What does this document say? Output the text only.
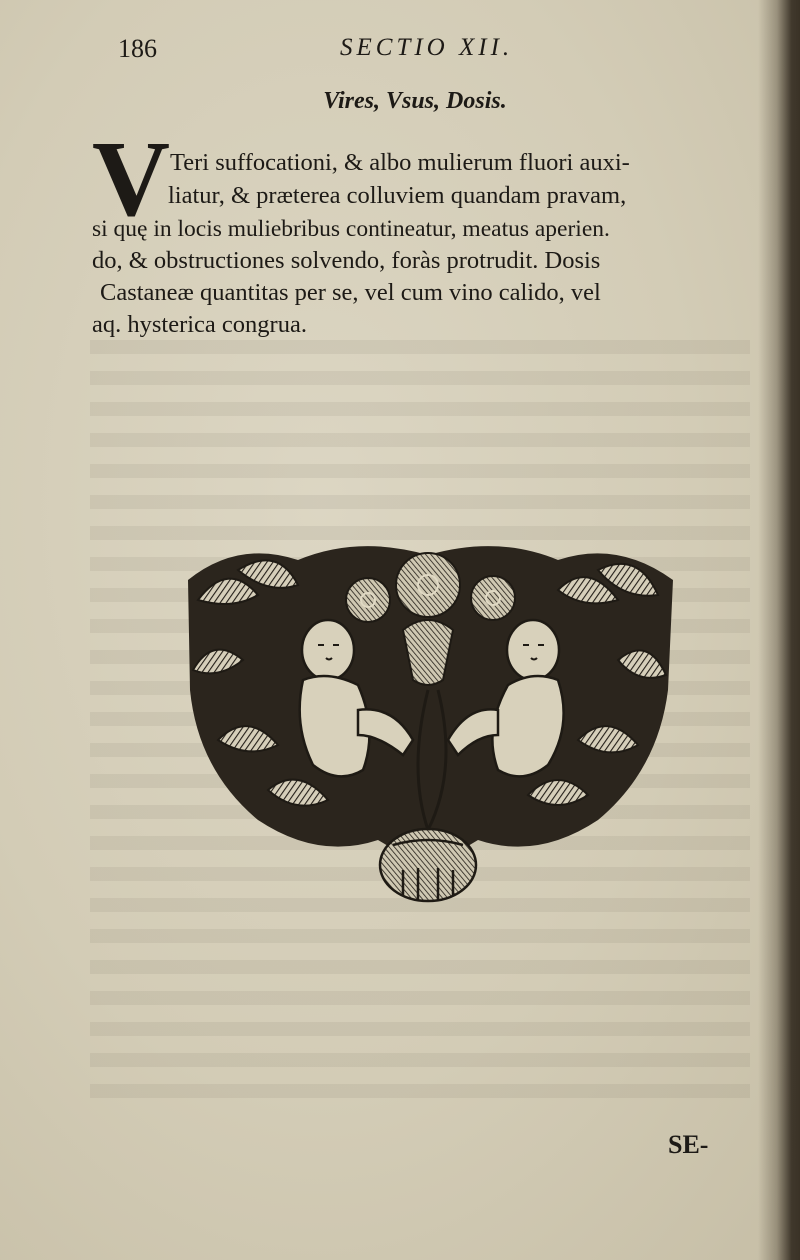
186	SECTIO XII.
Vires, Vsus, Dosis.
V Teri suffocationi, & albo mulierum fluori auxi-
liatur, & præterea colluviem quandam pravam,
si quę in locis muliebribus contineatur, meatus aperien.
do, & obstructiones solvendo, foràs protrudit. Dosis
Castaneæ quantitas per se, vel cum vino calido, vel
aq. hysterica congrua.
SE-
